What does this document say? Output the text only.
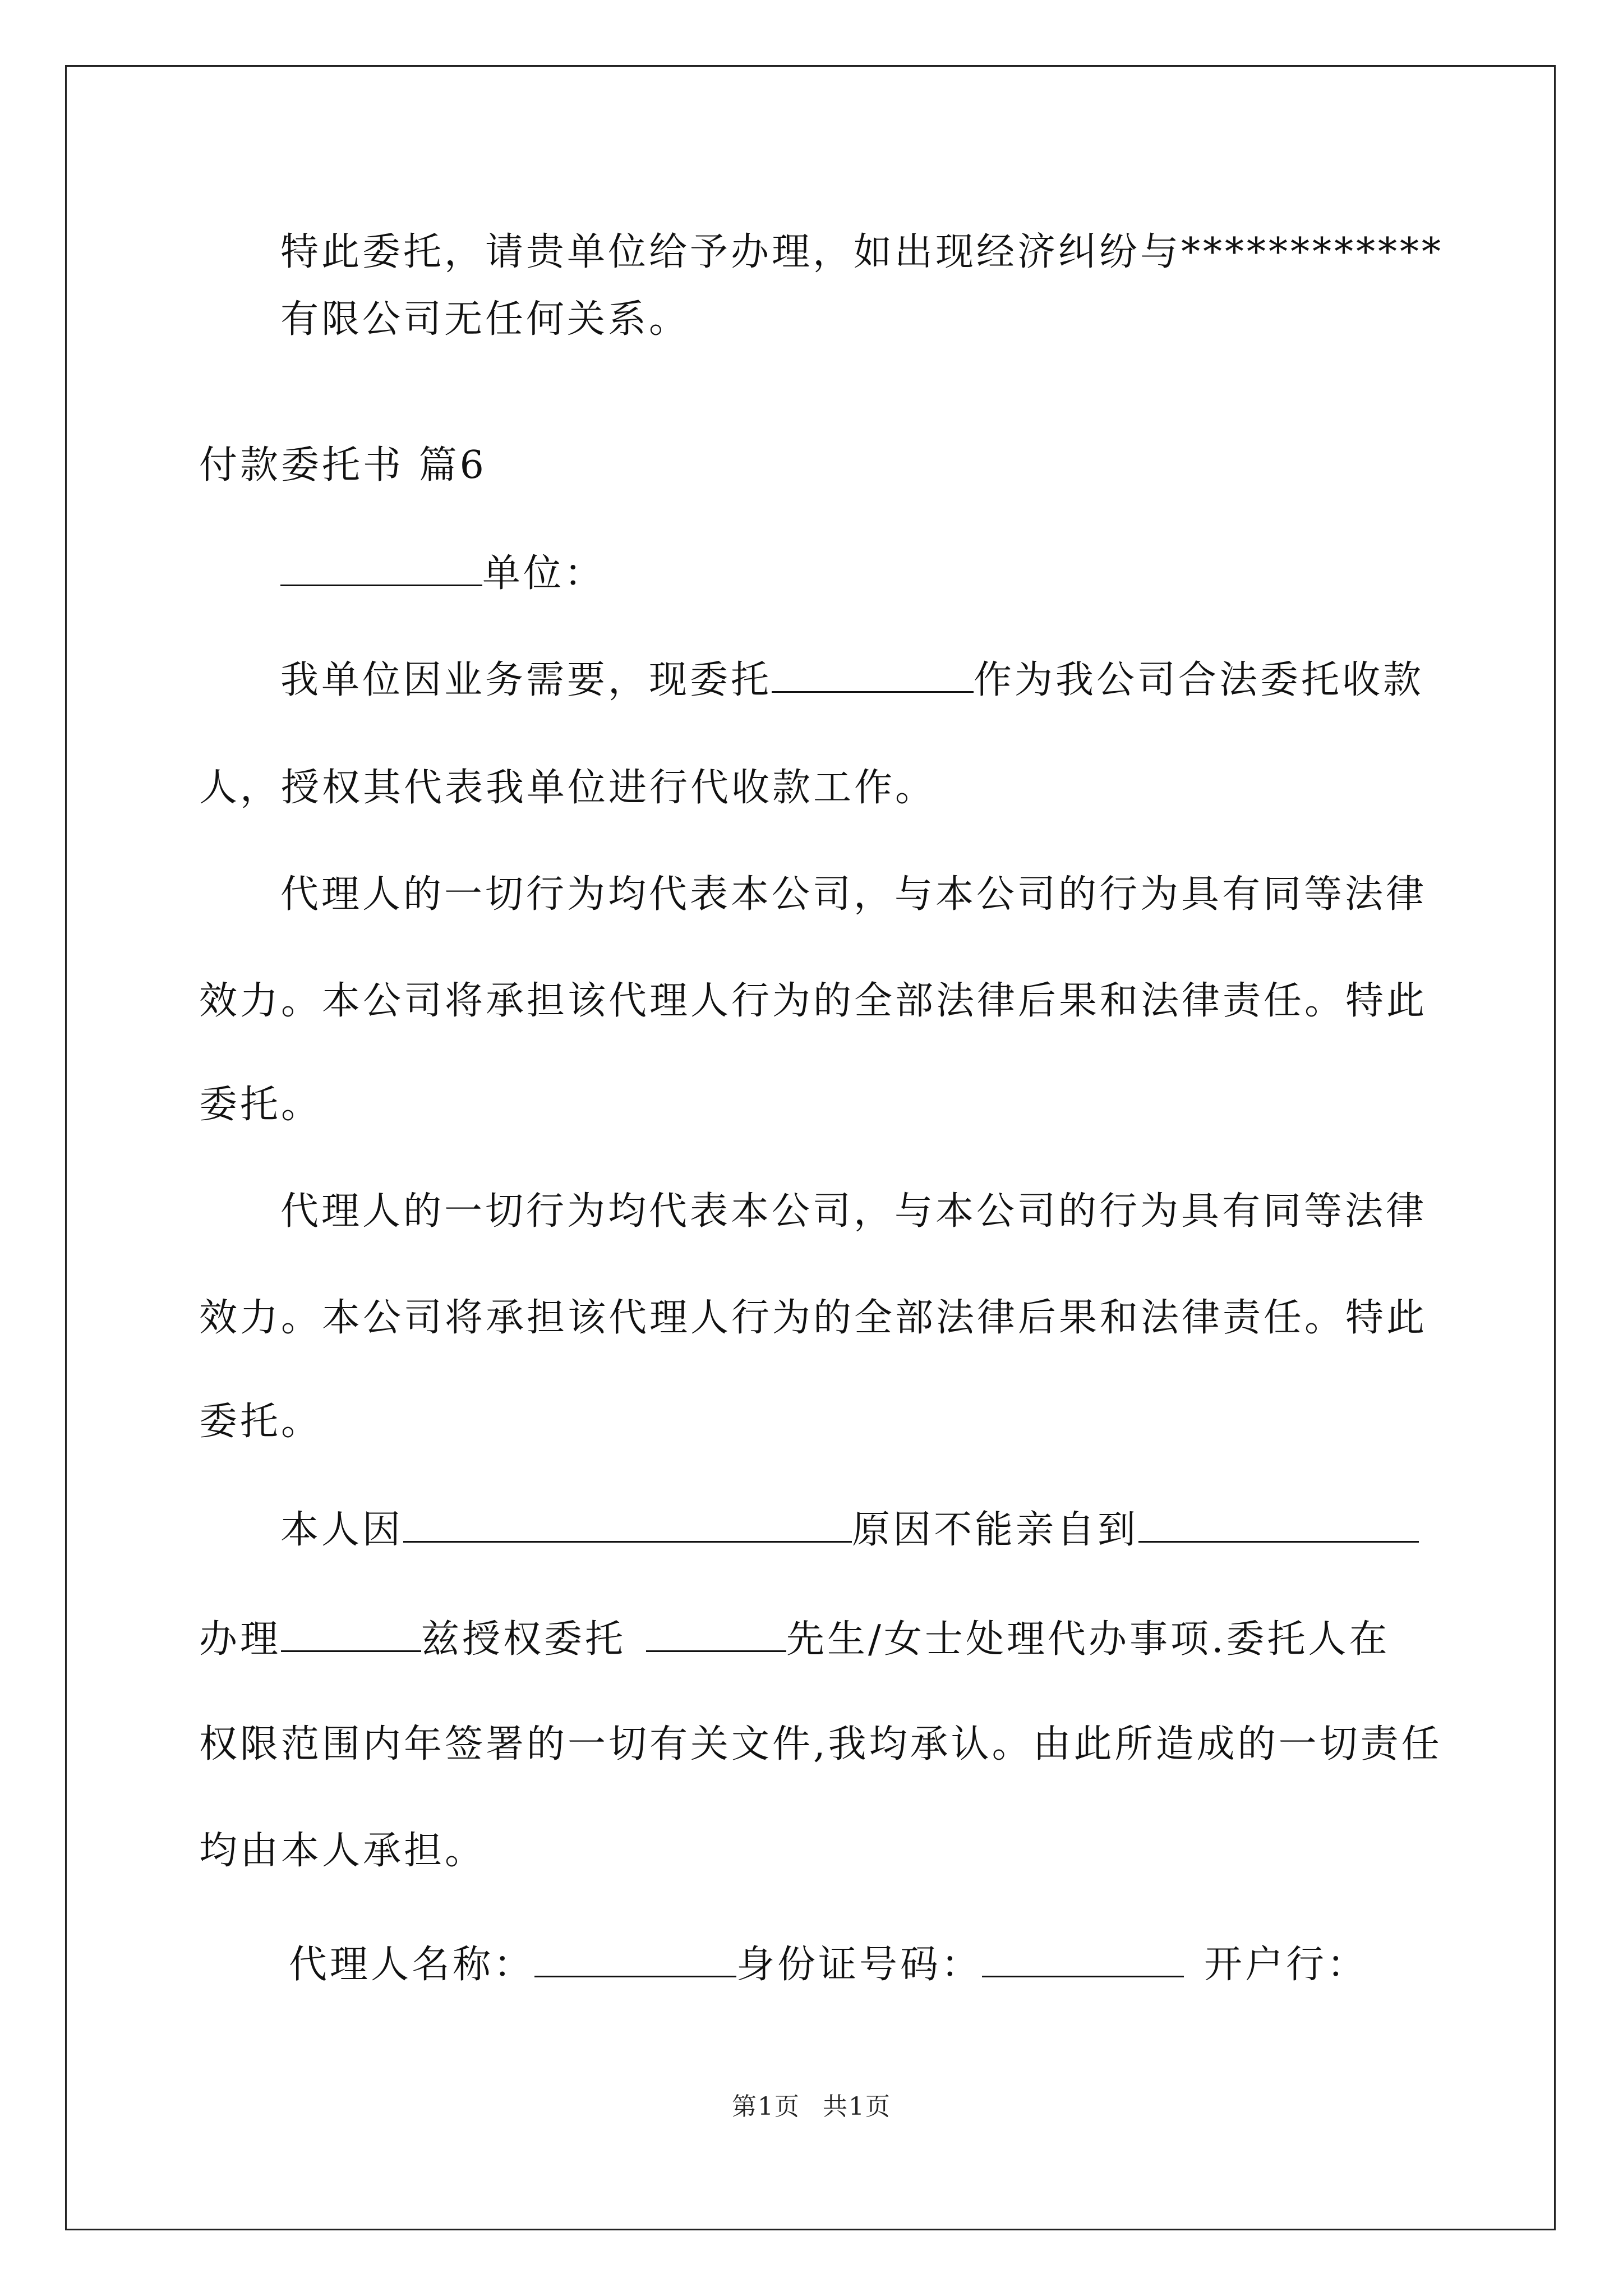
特此委托，请贵单位给予办理，如出现经济纠纷与************
有限公司无任何关系。
付款委托书 篇6
单位：
我单位因业务需要，现委托	作为我公司合法委托收款
人，授权其代表我单位进行代收款工作。
代理人的一切行为均代表本公司，与本公司的行为具有同等法律
效力。本公司将承担该代理人行为的全部法律后果和法律责任。特此
委托。
代理人的一切行为均代表本公司，与本公司的行为具有同等法律
效力。本公司将承担该代理人行为的全部法律后果和法律责任。特此
委托。
本人因	原因不能亲自到
办理	兹授权委托	先生/女士处理代办事项.委托人在
权限范围内年签署的一切有关文件,我均承认。由此所造成的一切责任
均由本人承担。
代理人名称：	身份证号码：	开户行：
第1页 共1页
